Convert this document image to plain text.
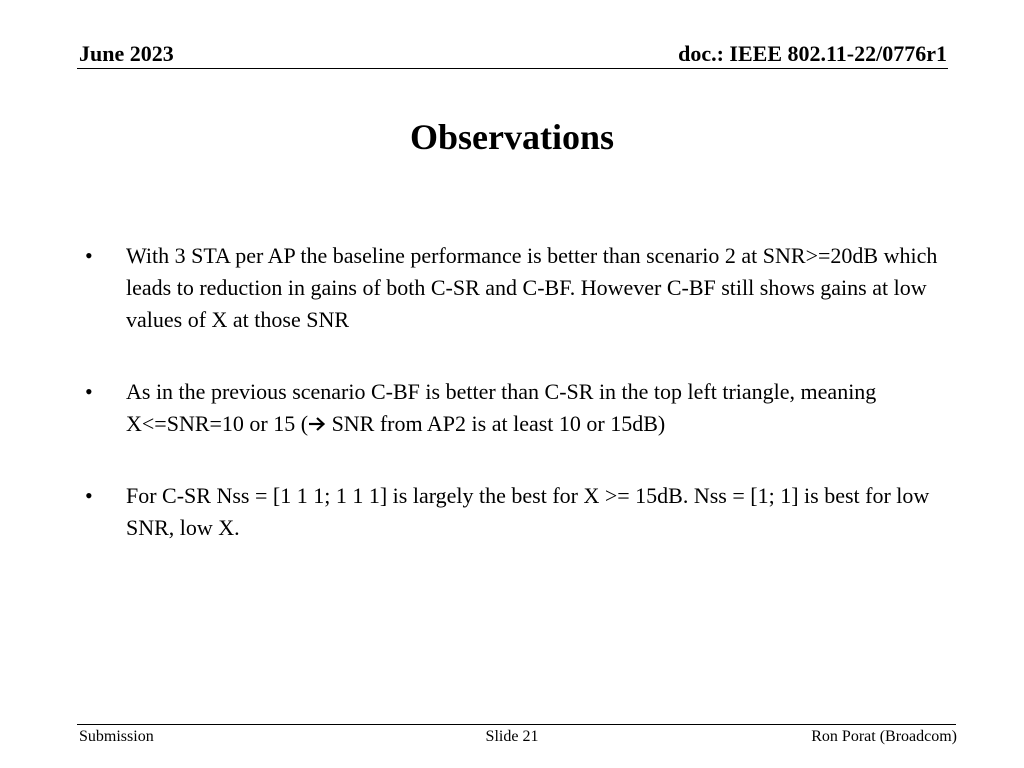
June 2023	doc.: IEEE 802.11-22/0776r1
Observations
• With 3 STA per AP the baseline performance is better than scenario 2 at SNR>=20dB which leads to reduction in gains of both C-SR and C-BF. However C-BF still shows gains at low values of X at those SNR
• As in the previous scenario C-BF is better than C-SR in the top left triangle, meaning X<=SNR=10 or 15 ( SNR from AP2 is at least 10 or 15dB)
• For C-SR Nss = [1 1 1; 1 1 1] is largely the best for X >= 15dB. Nss = [1; 1] is best for low SNR, low X.
Submission	Slide 21	Ron Porat (Broadcom)
